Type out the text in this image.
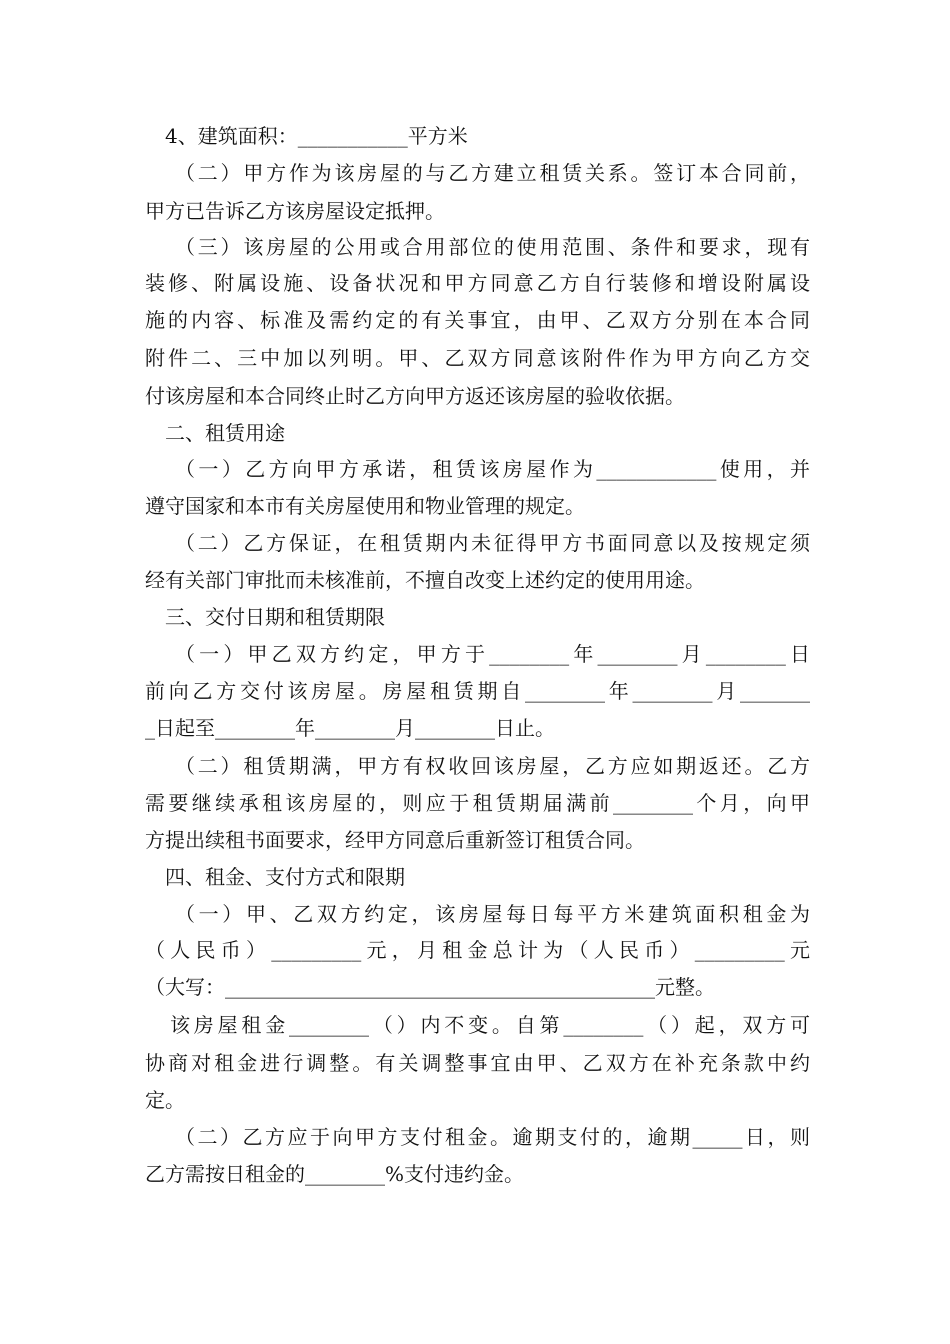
4、建筑面积：___________平方米
（二）甲方作为该房屋的与乙方建立租赁关系。签订本合同前，
甲方已告诉乙方该房屋设定抵押。
（三）该房屋的公用或合用部位的使用范围、条件和要求，现有
装修、附属设施、设备状况和甲方同意乙方自行装修和增设附属设
施的内容、标准及需约定的有关事宜，由甲、乙双方分别在本合同
附件二、三中加以列明。甲、乙双方同意该附件作为甲方向乙方交
付该房屋和本合同终止时乙方向甲方返还该房屋的验收依据。
二、租赁用途
（一）乙方向甲方承诺，租赁该房屋作为____________使用，并
遵守国家和本市有关房屋使用和物业管理的规定。
（二）乙方保证，在租赁期内未征得甲方书面同意以及按规定须
经有关部门审批而未核准前，不擅自改变上述约定的使用用途。
三、交付日期和租赁期限
（一）甲乙双方约定，甲方于________年________月________日
前向乙方交付该房屋。房屋租赁期自________年________月_______
_日起至________年________月________日止。
（二）租赁期满，甲方有权收回该房屋，乙方应如期返还。乙方
需要继续承租该房屋的，则应于租赁期届满前________个月，向甲
方提出续租书面要求，经甲方同意后重新签订租赁合同。
四、租金、支付方式和限期
（一）甲、乙双方约定，该房屋每日每平方米建筑面积租金为
（人民币）_________元，月租金总计为（人民币）_________元
（大写：___________________________________________元整。
该房屋租金________（）内不变。自第________（）起，双方可
协商对租金进行调整。有关调整事宜由甲、乙双方在补充条款中约
定。
（二）乙方应于向甲方支付租金。逾期支付的，逾期_____日，则
乙方需按日租金的________%支付违约金。
